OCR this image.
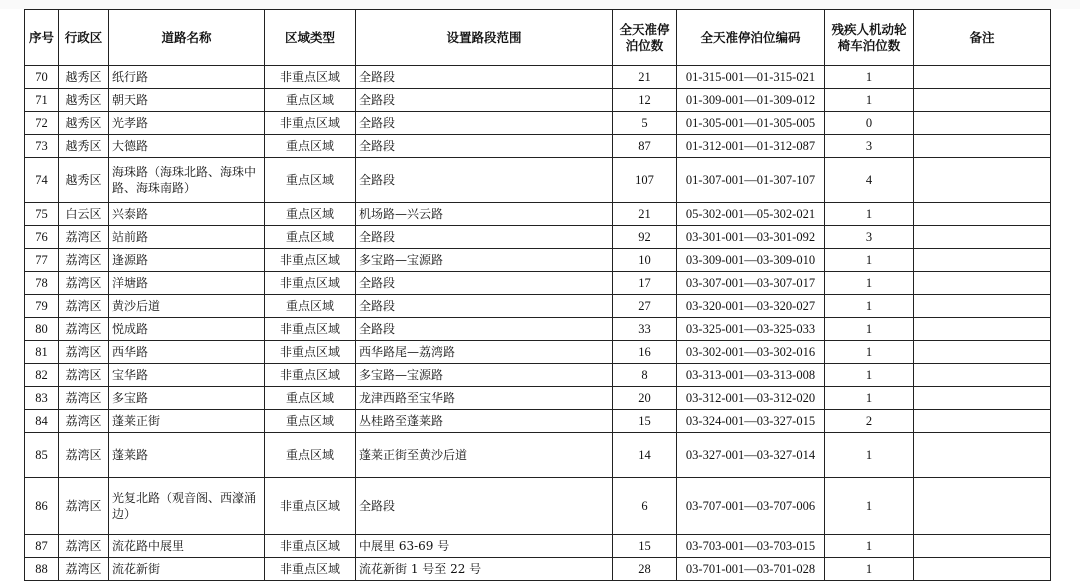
序号	行政区	道路名称	区域类型	设置路段范围	全天准停泊位数	全天准停泊位编码	残疾人机动轮椅车泊位数	备注
70	越秀区	纸行路	非重点区域	全路段	21	01-315-001—01-315-021	1	
71	越秀区	朝天路	重点区域	全路段	12	01-309-001—01-309-012	1	
72	越秀区	光孝路	非重点区域	全路段	5	01-305-001—01-305-005	0	
73	越秀区	大德路	重点区域	全路段	87	01-312-001—01-312-087	3	
74	越秀区	海珠路（海珠北路、海珠中路、海珠南路）	重点区域	全路段	107	01-307-001—01-307-107	4	
75	白云区	兴泰路	重点区域	机场路—兴云路	21	05-302-001—05-302-021	1	
76	荔湾区	站前路	重点区域	全路段	92	03-301-001—03-301-092	3	
77	荔湾区	逢源路	非重点区域	多宝路—宝源路	10	03-309-001—03-309-010	1	
78	荔湾区	洋塘路	非重点区域	全路段	17	03-307-001—03-307-017	1	
79	荔湾区	黄沙后道	重点区域	全路段	27	03-320-001—03-320-027	1	
80	荔湾区	悦成路	非重点区域	全路段	33	03-325-001—03-325-033	1	
81	荔湾区	西华路	非重点区域	西华路尾—荔湾路	16	03-302-001—03-302-016	1	
82	荔湾区	宝华路	非重点区域	多宝路—宝源路	8	03-313-001—03-313-008	1	
83	荔湾区	多宝路	重点区域	龙津西路至宝华路	20	03-312-001—03-312-020	1	
84	荔湾区	蓬莱正街	重点区域	丛桂路至蓬莱路	15	03-324-001—03-327-015	2	
85	荔湾区	蓬莱路	重点区域	蓬莱正街至黄沙后道	14	03-327-001—03-327-014	1	
86	荔湾区	光复北路（观音阁、西濠涌边）	非重点区域	全路段	6	03-707-001—03-707-006	1	
87	荔湾区	流花路中展里	非重点区域	中展里 63-69 号	15	03-703-001—03-703-015	1	
88	荔湾区	流花新街	非重点区域	流花新街 1 号至 22 号	28	03-701-001—03-701-028	1	
